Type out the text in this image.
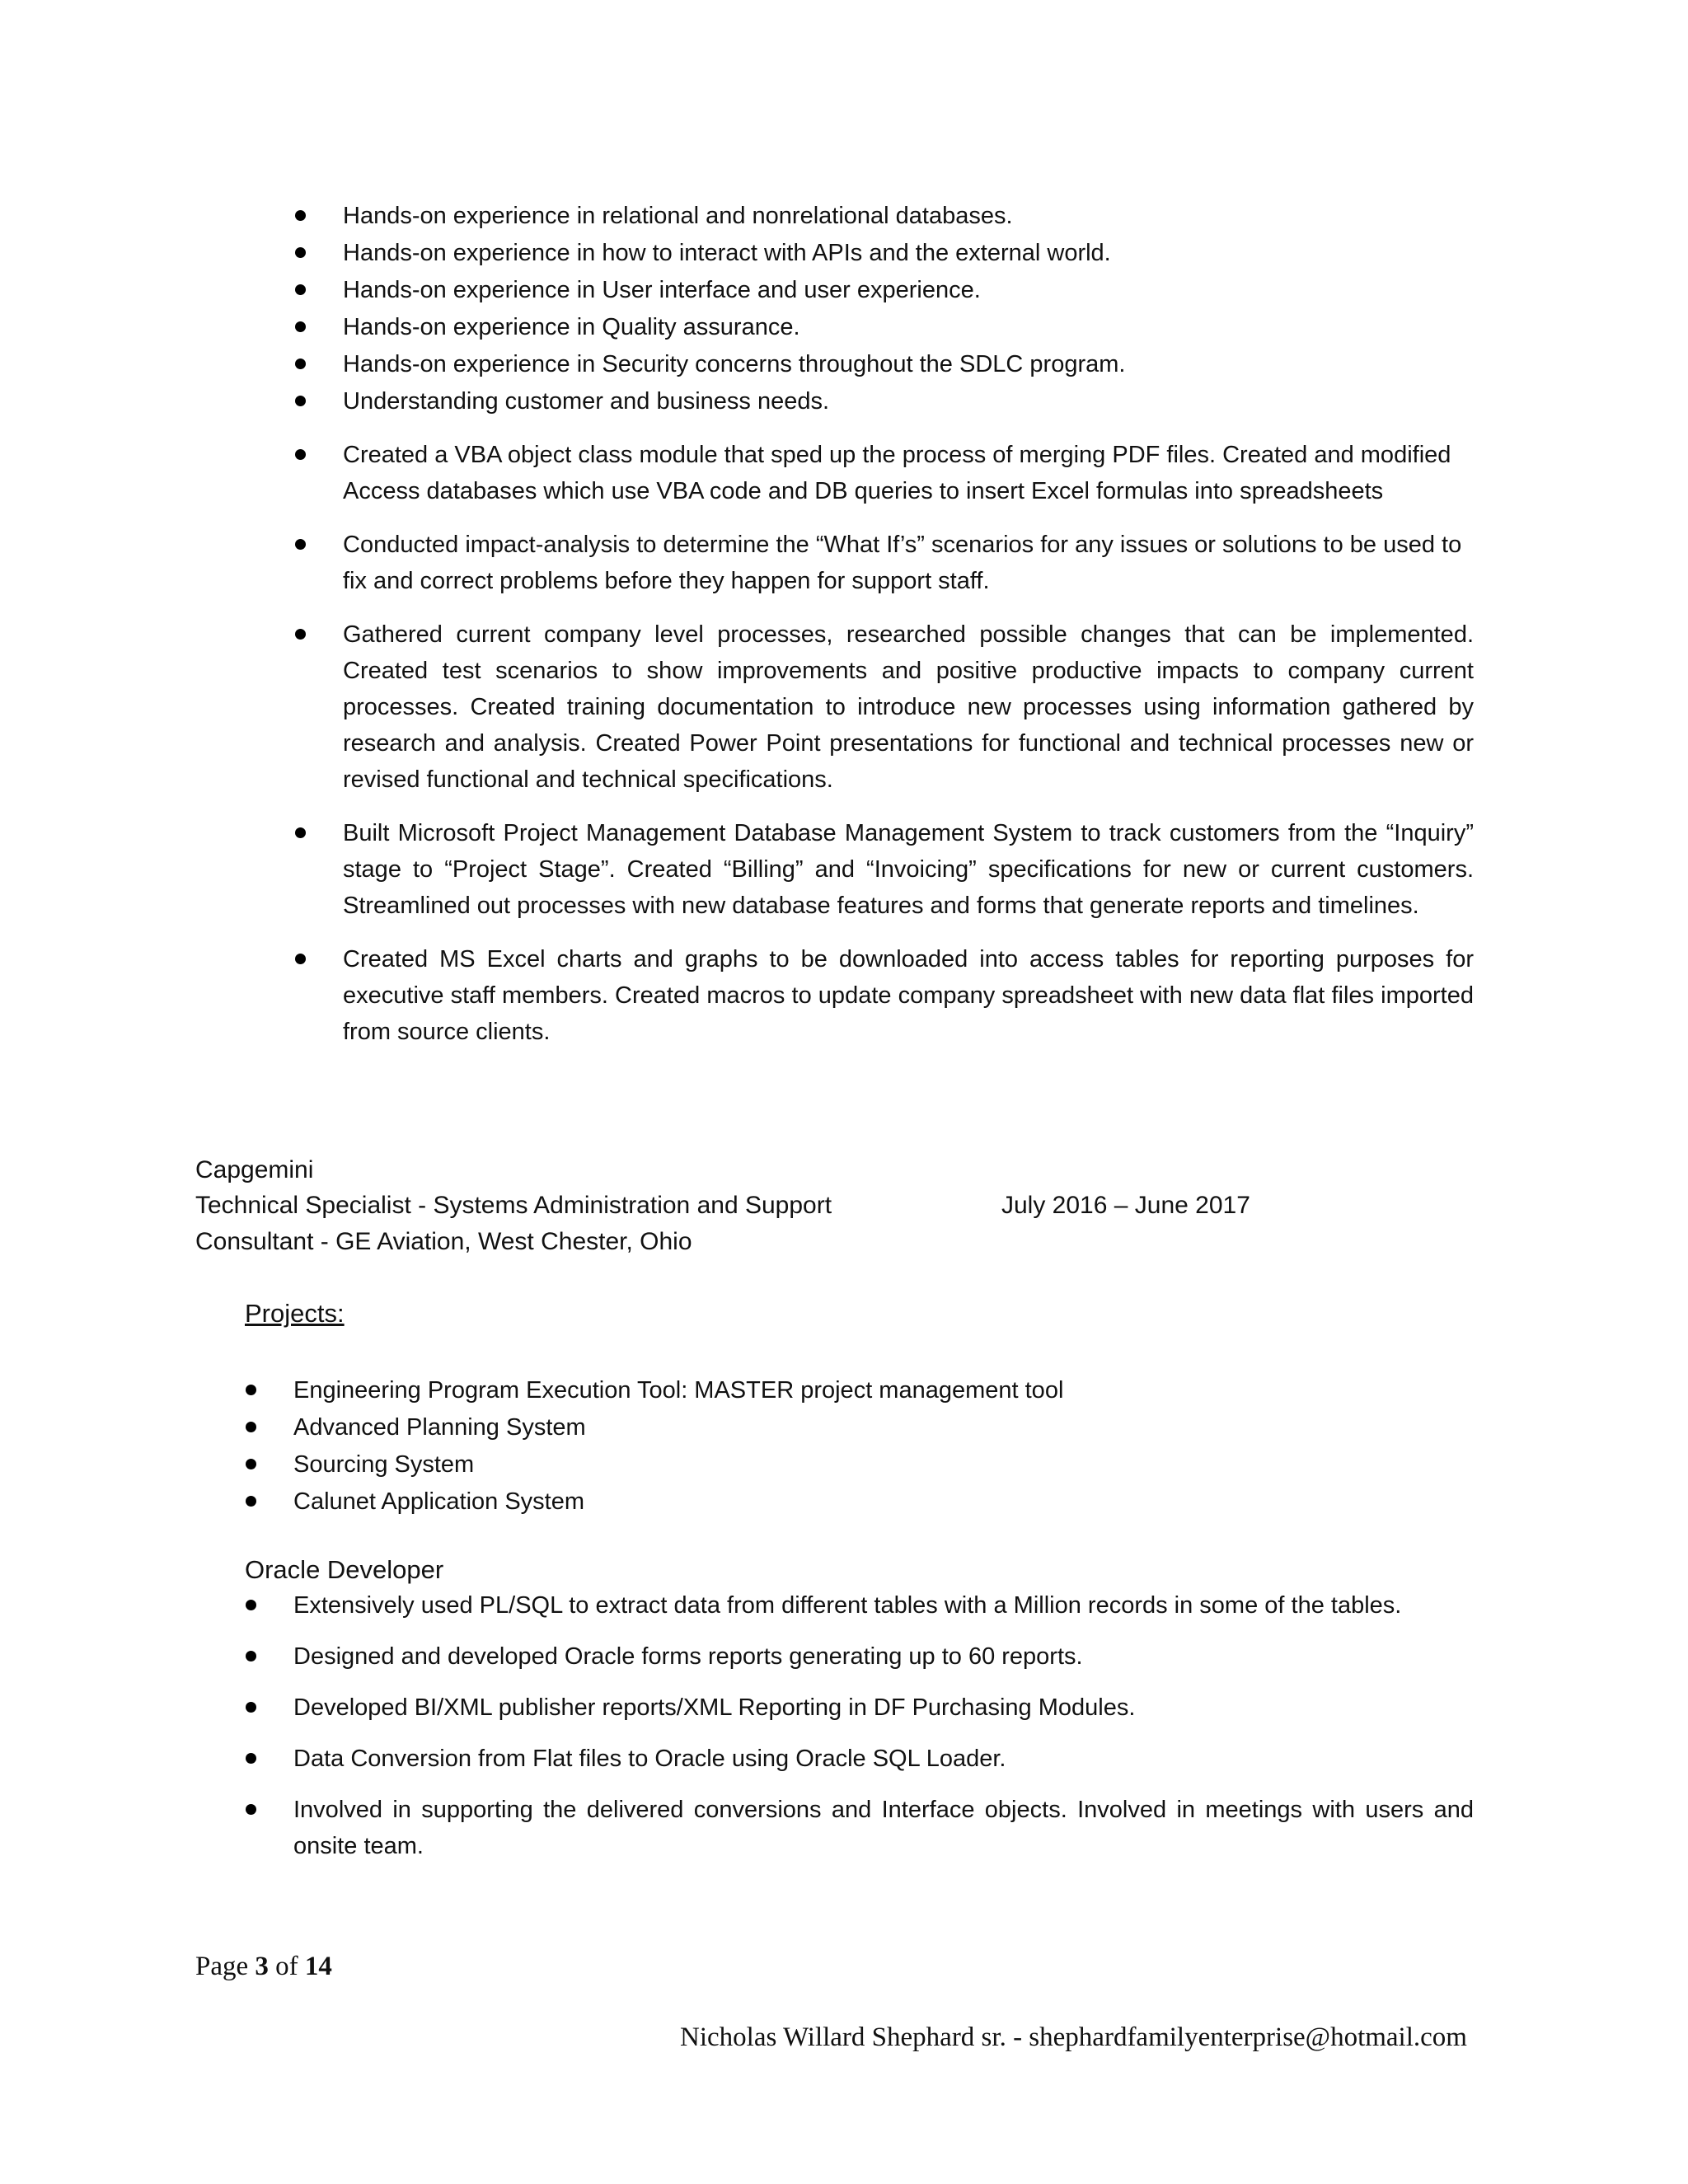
Hands-on experience in relational and nonrelational databases.
Hands-on experience in how to interact with APIs and the external world.
Hands-on experience in User interface and user experience.
Hands-on experience in Quality assurance.
Hands-on experience in Security concerns throughout the SDLC program.
Understanding customer and business needs.
Created a VBA object class module that sped up the process of merging PDF files. Created and modified Access databases which use VBA code and DB queries to insert Excel formulas into spreadsheets
Conducted impact-analysis to determine the “What If’s” scenarios for any issues or solutions to be used to fix and correct problems before they happen for support staff.
Gathered current company level processes, researched possible changes that can be implemented. Created test scenarios to show improvements and positive productive impacts to company current processes. Created training documentation to introduce new processes using information gathered by research and analysis. Created Power Point presentations for functional and technical processes new or revised functional and technical specifications.
Built Microsoft Project Management Database Management System to track customers from the “Inquiry” stage to “Project Stage”. Created “Billing” and “Invoicing” specifications for new or current customers. Streamlined out processes with new database features and forms that generate reports and timelines.
Created MS Excel charts and graphs to be downloaded into access tables for reporting purposes for executive staff members. Created macros to update company spreadsheet with new data flat files imported from source clients.
Capgemini
Technical Specialist - Systems Administration and Support	July 2016 – June 2017
Consultant - GE Aviation, West Chester, Ohio
Projects:
Engineering Program Execution Tool: MASTER project management tool
Advanced Planning System
Sourcing System
Calunet Application System
Oracle Developer
Extensively used PL/SQL to extract data from different tables with a Million records in some of the tables.
Designed and developed Oracle forms reports generating up to 60 reports.
Developed BI/XML publisher reports/XML Reporting in DF Purchasing Modules.
Data Conversion from Flat files to Oracle using Oracle SQL Loader.
Involved in supporting the delivered conversions and Interface objects. Involved in meetings with users and onsite team.
Page 3 of 14
Nicholas Willard Shephard sr. - shephardfamilyenterprise@hotmail.com
